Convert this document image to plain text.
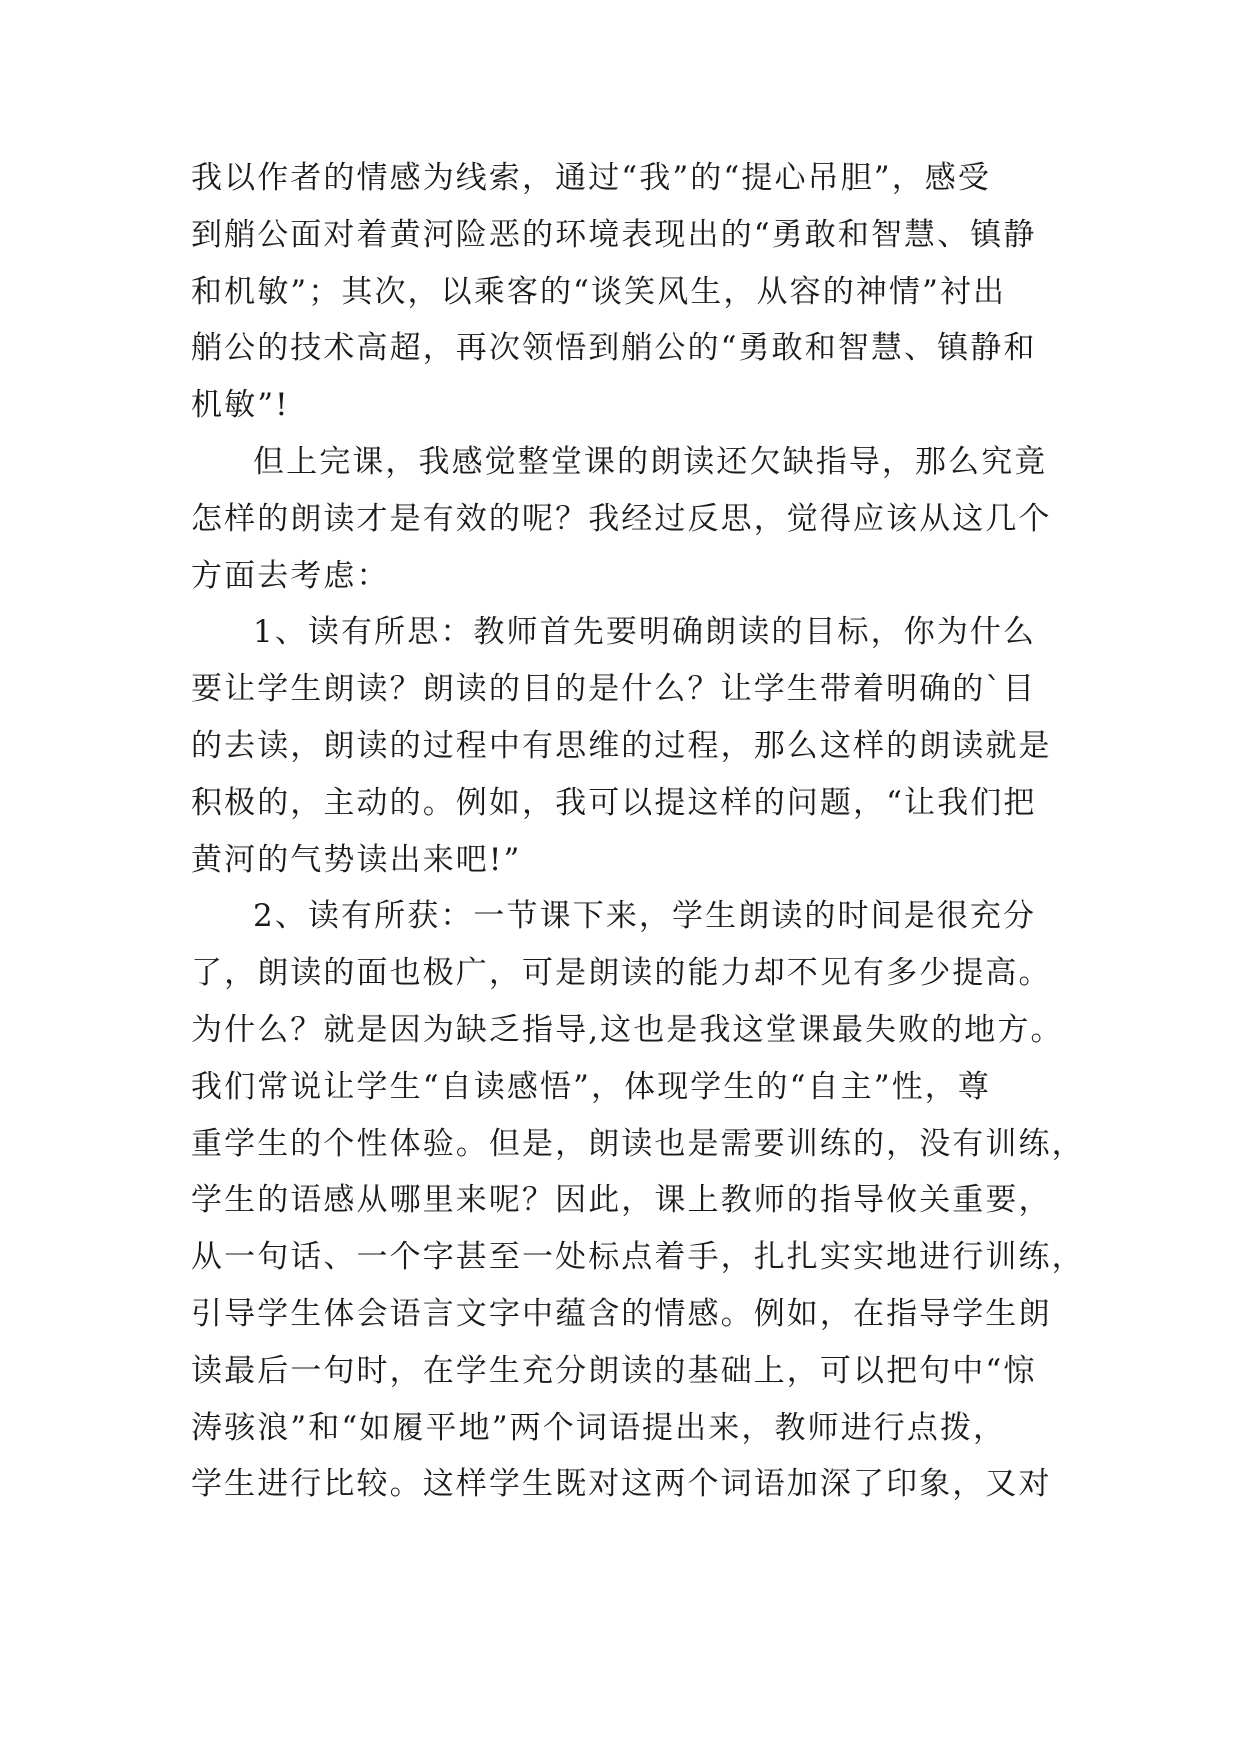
我以作者的情感为线索，通过“我”的“提心吊胆”，感受
到艄公面对着黄河险恶的环境表现出的“勇敢和智慧、镇静
和机敏”；其次，以乘客的“谈笑风生，从容的神情”衬出
艄公的技术高超，再次领悟到艄公的“勇敢和智慧、镇静和
机敏”!
但上完课，我感觉整堂课的朗读还欠缺指导，那么究竟
怎样的朗读才是有效的呢？我经过反思，觉得应该从这几个
方面去考虑：
1、读有所思：教师首先要明确朗读的目标，你为什么
要让学生朗读？朗读的目的是什么？让学生带着明确的`目
的去读，朗读的过程中有思维的过程，那么这样的朗读就是
积极的，主动的。例如，我可以提这样的问题，“让我们把
黄河的气势读出来吧!”
2、读有所获：一节课下来，学生朗读的时间是很充分
了，朗读的面也极广，可是朗读的能力却不见有多少提高。
为什么？就是因为缺乏指导,这也是我这堂课最失败的地方。
我们常说让学生“自读感悟”，体现学生的“自主”性，尊
重学生的个性体验。但是，朗读也是需要训练的，没有训练，
学生的语感从哪里来呢？因此，课上教师的指导攸关重要，
从一句话、一个字甚至一处标点着手，扎扎实实地进行训练，
引导学生体会语言文字中蕴含的情感。例如，在指导学生朗
读最后一句时，在学生充分朗读的基础上，可以把句中“惊
涛骇浪”和“如履平地”两个词语提出来，教师进行点拨，
学生进行比较。这样学生既对这两个词语加深了印象，又对
